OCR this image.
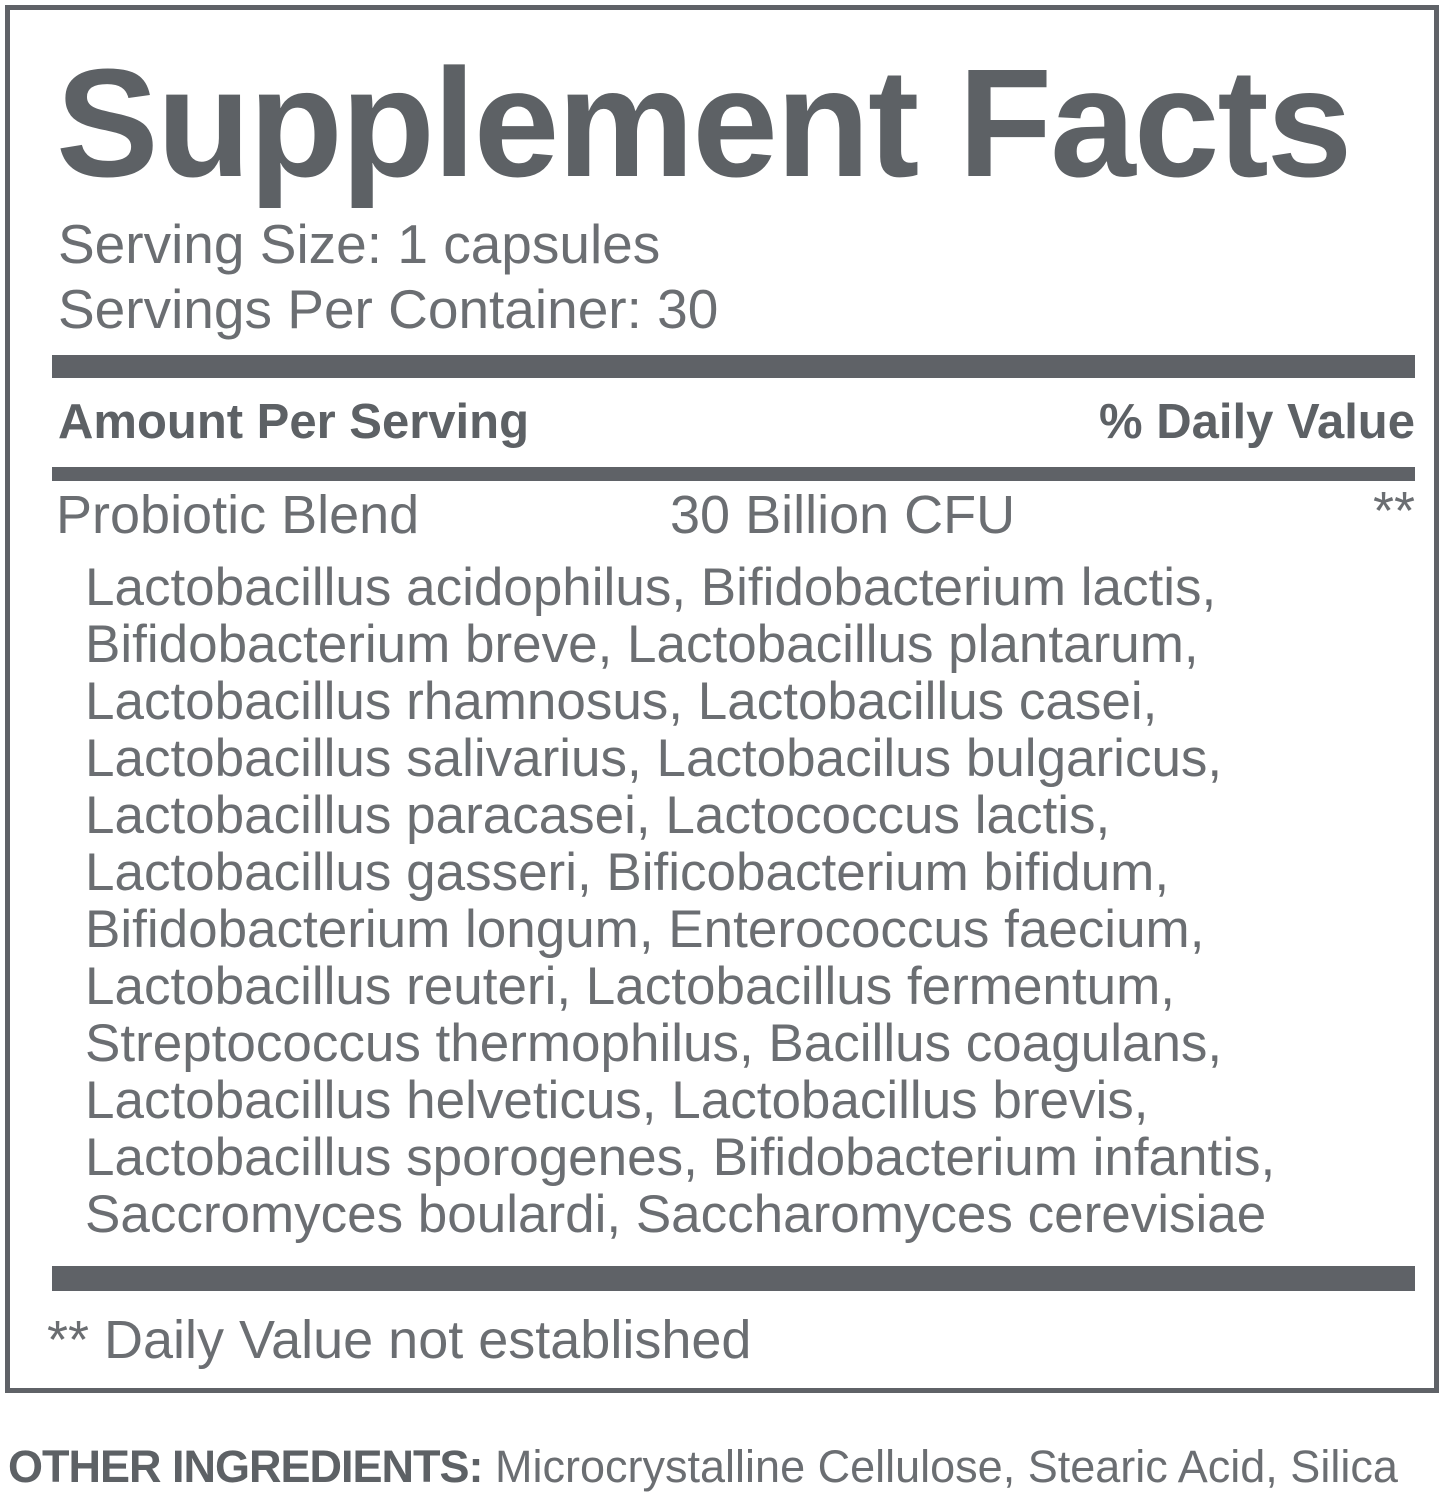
Supplement Facts
Serving Size: 1 capsules
Servings Per Container: 30
Amount Per Serving	% Daily Value
Probiotic Blend	30 Billion CFU	**
Lactobacillus acidophilus, Bifidobacterium lactis,
Bifidobacterium breve, Lactobacillus plantarum,
Lactobacillus rhamnosus, Lactobacillus casei,
Lactobacillus salivarius, Lactobacilus bulgaricus,
Lactobacillus paracasei, Lactococcus lactis,
Lactobacillus gasseri, Bificobacterium bifidum,
Bifidobacterium longum, Enterococcus faecium,
Lactobacillus reuteri, Lactobacillus fermentum,
Streptococcus thermophilus, Bacillus coagulans,
Lactobacillus helveticus, Lactobacillus brevis,
Lactobacillus sporogenes, Bifidobacterium infantis,
Saccromyces boulardi, Saccharomyces cerevisiae
** Daily Value not established
OTHER INGREDIENTS: Microcrystalline Cellulose, Stearic Acid, Silica
